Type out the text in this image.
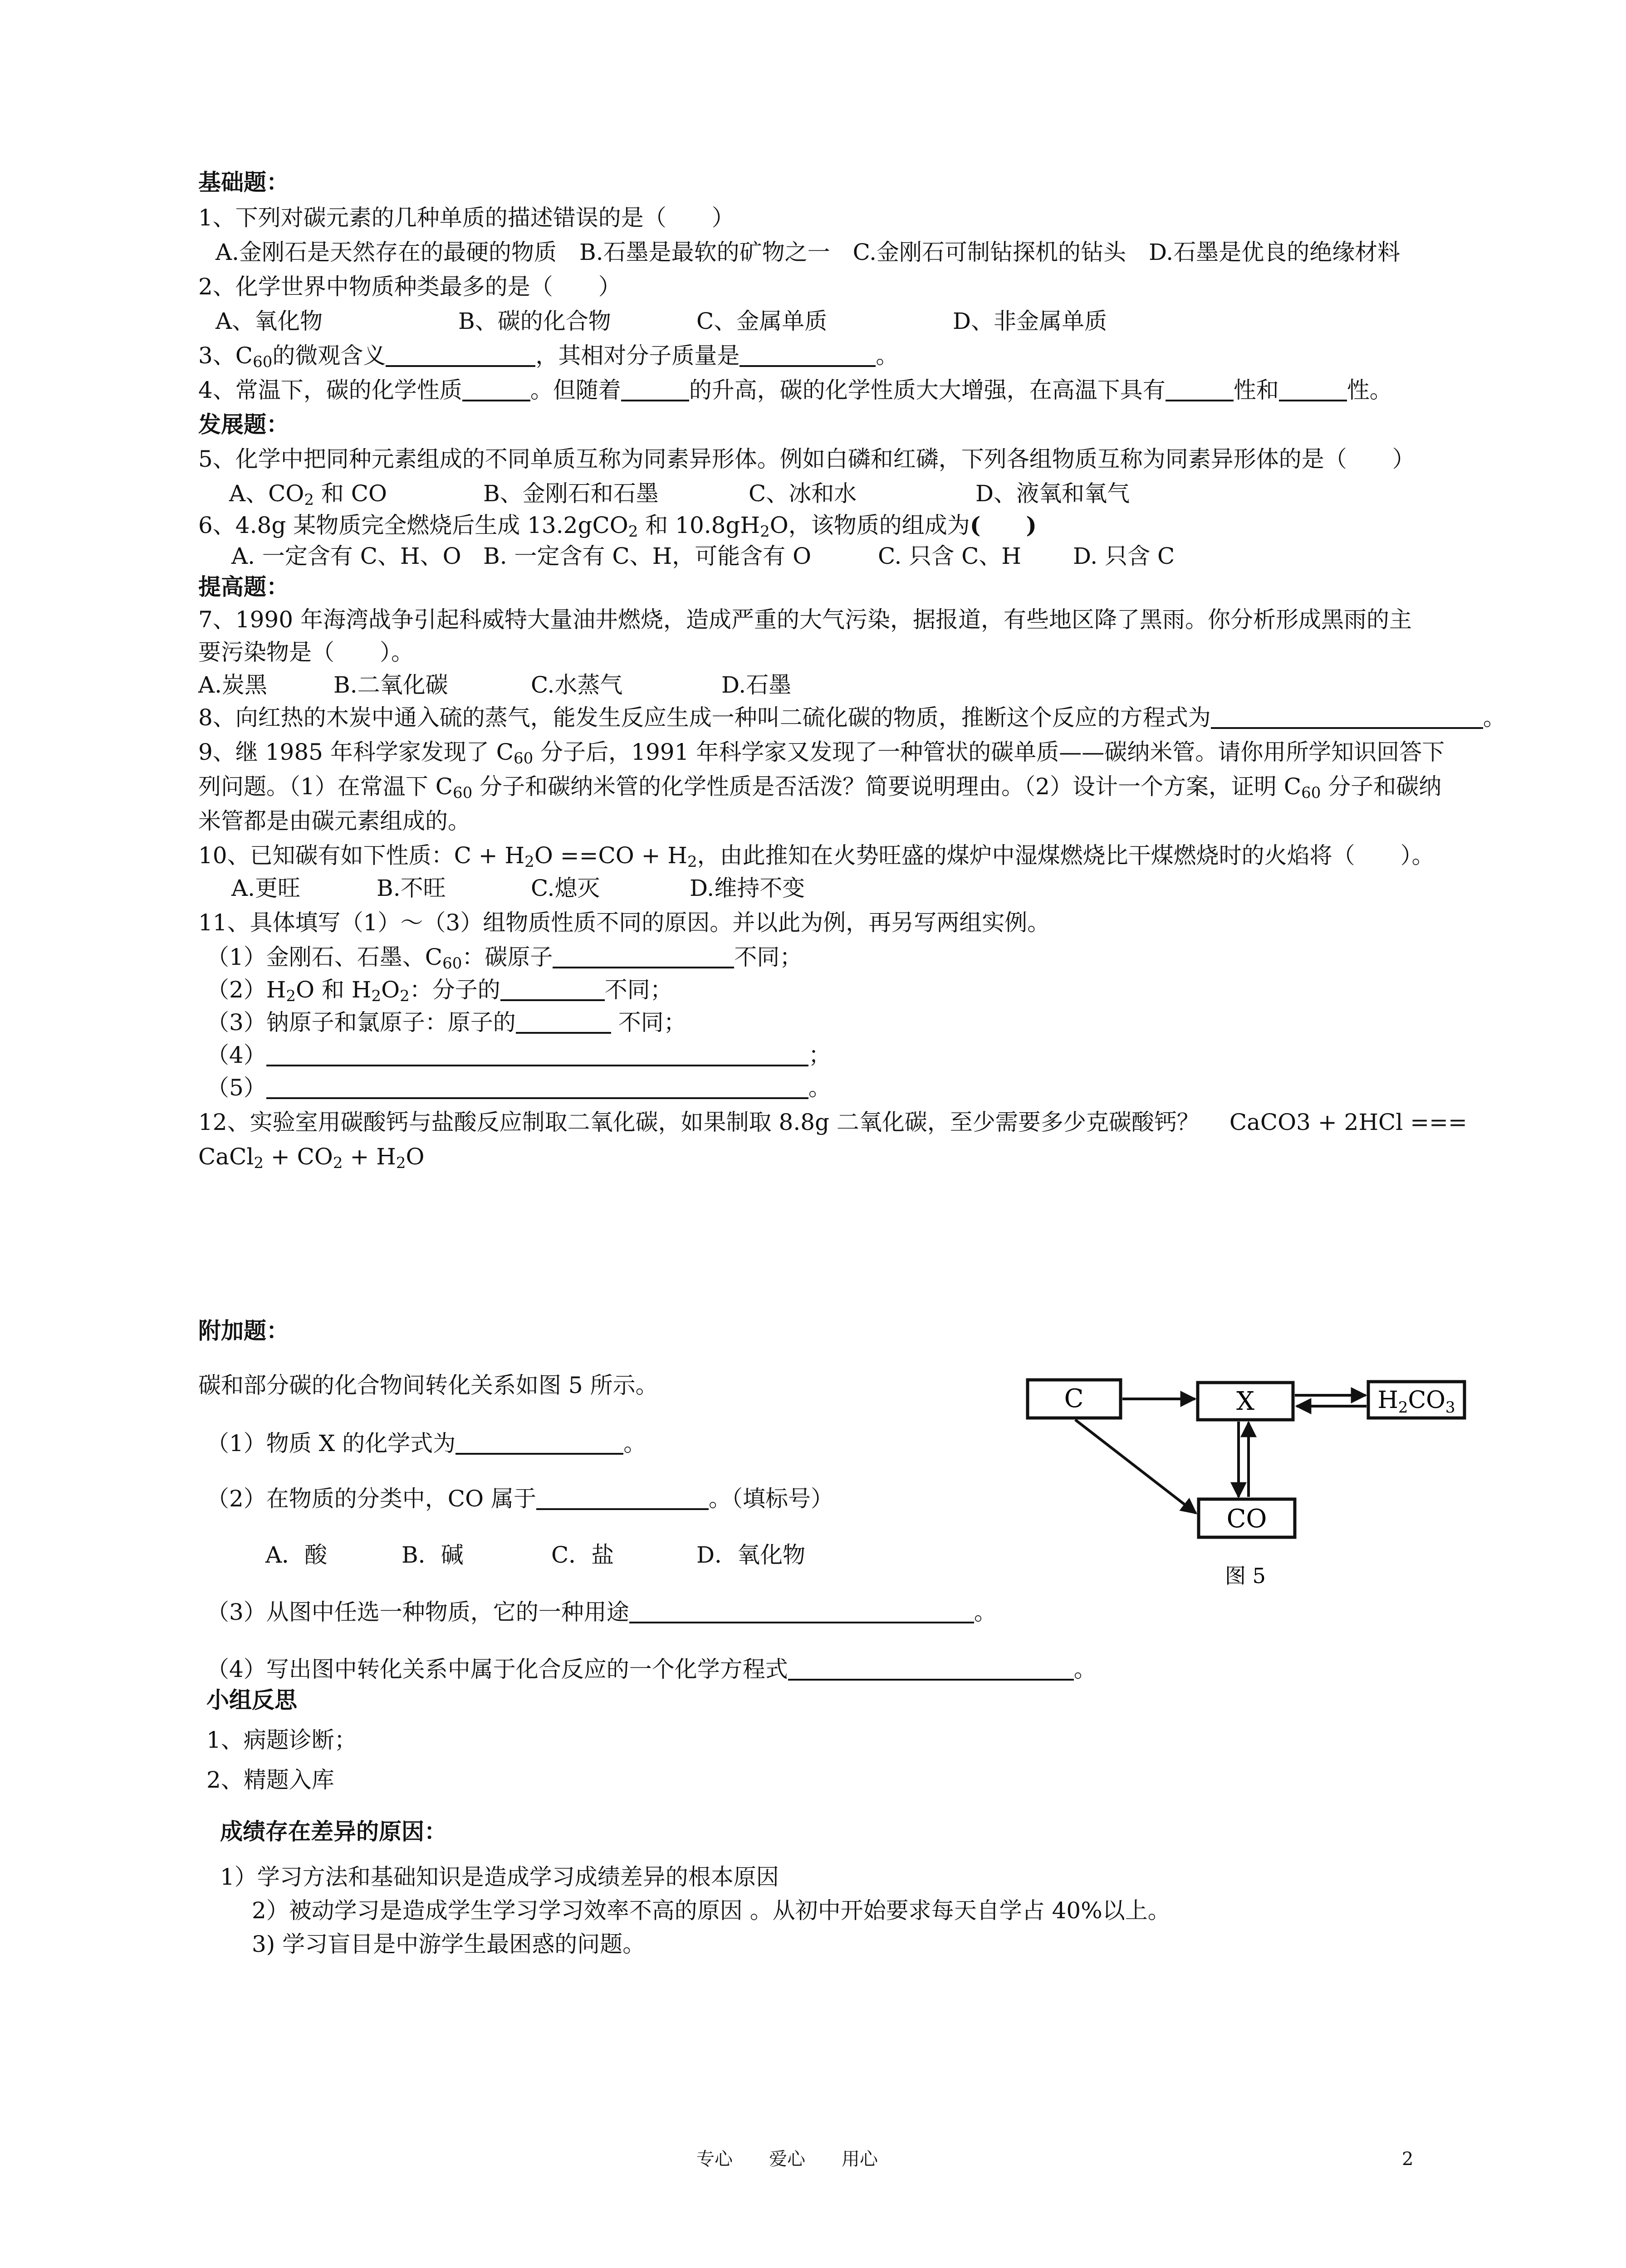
基础题：
1、下列对碳元素的几种单质的描述错误的是（　　）
A.金刚石是天然存在的最硬的物质　B.石墨是最软的矿物之一　C.金刚石可制钻探机的钻头　D.石墨是优良的绝缘材料
2、化学世界中物质种类最多的是（　　）
A、氧化物	B、碳的化合物	C、金属单质	D、非金属单质
3、$C_{60}$的微观含义	，其相对分子质量是	。
4、常温下，碳的化学性质	。但随着	的升高，碳的化学性质大大增强，在高温下具有	性和	性。
发展题：
5、化学中把同种元素组成的不同单质互称为同素异形体。例如白磷和红磷，下列各组物质互称为同素异形体的是（　　）
A、$CO_2$ 和 CO	B、金刚石和石墨	C、冰和水	D、液氧和氧气
6、4.8g 某物质完全燃烧后生成 13.2gCO$_2$ 和 $10.8gH_2O$，该物质的组成为(　　)
A. 一定含有 C、H、O B. 一定含有 C、H，可能含有 O	C. 只含 C、H D. 只含 C
提高题：
7、1990 年海湾战争引起科威特大量油井燃烧，造成严重的大气污染，据报道，有些地区降了黑雨。你分析形成黑雨的主
要污染物是（　　）。
A.炭黑	B.二氧化碳	C.水蒸气	D.石墨
8、向红热的木炭中通入硫的蒸气，能发生反应生成一种叫二硫化碳的物质，推断这个反应的方程式为	。
9、继 1985 年科学家发现了 $C_{60}$ 分子后，1991 年科学家又发现了一种管状的碳单质——碳纳米管。请你用所学知识回答下
列问题。（1）在常温下 $C_{60}$ 分子和碳纳米管的化学性质是否活泼？简要说明理由。（2）设计一个方案，证明 $C_{60}$ 分子和碳纳
米管都是由碳元素组成的。
10、已知碳有如下性质：$C + H_2O ==CO + H_2$，由此推知在火势旺盛的煤炉中湿煤燃烧比干煤燃烧时的火焰将（　　）。
A.更旺	B.不旺	C.熄灭	D.维持不变
11、具体填写（1）～（3）组物质性质不同的原因。并以此为例，再另写两组实例。
（1）金刚石、石墨、$C_{60}$：碳原子	不同；
$(2)H_2O$ 和 $H_2O_2$：分子的	不同；
（3）钠原子和氯原子：原子的	不同；
（4）	；
（5）	。
12、实验室用碳酸钙与盐酸反应制取二氧化碳，如果制取 8.8g 二氧化碳，至少需要多少克碳酸钙？　 CaCO3 + 2HCl ===
CaCl$_2$ + $CO_2 + H_2O$
附加题：
碳和部分碳的化合物间转化关系如图 5 所示。
（1）物质 X 的化学式为	。
（2）在物质的分类中，CO 属于	。（填标号）
A．酸	B．碱	C．盐	D．氧化物
（3）从图中任选一种物质，它的一种用途	。
（4）写出图中转化关系中属于化合反应的一个化学方程式	。
C	X	H2CO3
CO
图 5
小组反思
1、病题诊断；
2、精题入库
成绩存在差异的原因：
1）学习方法和基础知识是造成学习成绩差异的根本原因
2）被动学习是造成学生学习学习效率不高的原因 。从初中开始要求每天自学占 40%以上。
3) 学习盲目是中游学生最困惑的问题。
专心　　爱心　　用心	2
